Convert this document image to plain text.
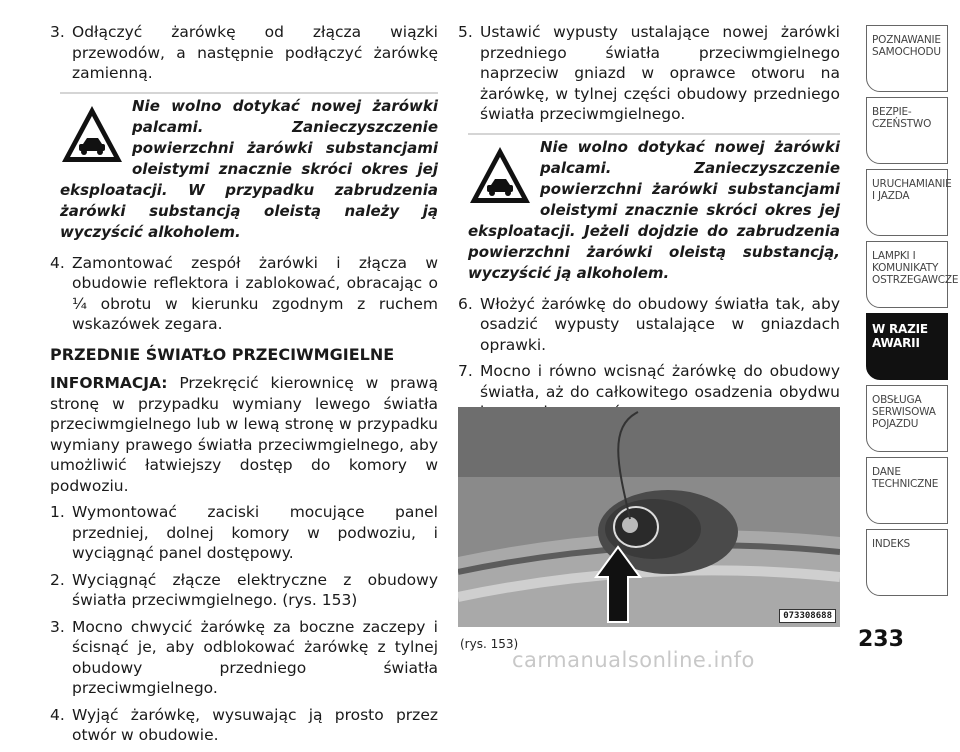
3. Odłączyć żarówkę od złącza wiązki przewodów, a następnie podłączyć żarówkę zamienną.
Nie wolno dotykać nowej żarówki palcami. Zanieczyszczenie powierzchni żarówki substancjami oleistymi znacznie skróci okres jej eksploatacji. W przypadku zabrudzenia żarówki substancją oleistą należy ją wyczyścić alkoholem.
4. Zamontować zespół żarówki i złącza w obudowie reflektora i zablokować, obracając o ¼ obrotu w kierunku zgodnym z ruchem wskazówek zegara.
PRZEDNIE ŚWIATŁO PRZECIWMGIELNE
INFORMACJA: Przekręcić kierownicę w prawą stronę w przypadku wymiany lewego światła przeciwmgielnego lub w lewą stronę w przypadku wymiany prawego światła przeciwmgielnego, aby umożliwić łatwiejszy dostęp do komory w podwoziu.
1. Wymontować zaciski mocujące panel przedniej, dolnej komory w podwoziu, i wyciągnąć panel dostępowy.
2. Wyciągnąć złącze elektryczne z obudowy światła przeciwmgielnego. (rys. 153)
3. Mocno chwycić żarówkę za boczne zaczepy i ścisnąć je, aby odblokować żarówkę z tylnej obudowy przedniego światła przeciwmgielnego.
4. Wyjąć żarówkę, wysuwając ją prosto przez otwór w obudowie.
5. Ustawić wypusty ustalające nowej żarówki przedniego światła przeciwmgielnego naprzeciw gniazd w oprawce otworu na żarówkę, w tylnej części obudowy przedniego światła przeciwmgielnego.
Nie wolno dotykać nowej żarówki palcami. Zanieczyszczenie powierzchni żarówki substancjami oleistymi znacznie skróci okres jej eksploatacji. Jeżeli dojdzie do zabrudzenia powierzchni żarówki oleistą substancją, wyczyścić ją alkoholem.
6. Włożyć żarówkę do obudowy światła tak, aby osadzić wypusty ustalające w gniazdach oprawki.
7. Mocno i równo wcisnąć żarówkę do obudowy światła, aż do całkowitego osadzenia obydwu
073308688
(rys. 153)
POZNAWANIE SAMOCHODU
BEZPIE-CZEŃSTWO
URUCHAMIANIE I JAZDA
LAMPKI I KOMUNIKATY OSTRZEGAWCZE
W RAZIE AWARII
OBSŁUGA SERWISOWA POJAZDU
DANE TECHNICZNE
INDEKS
233
carmanualsonline.info
